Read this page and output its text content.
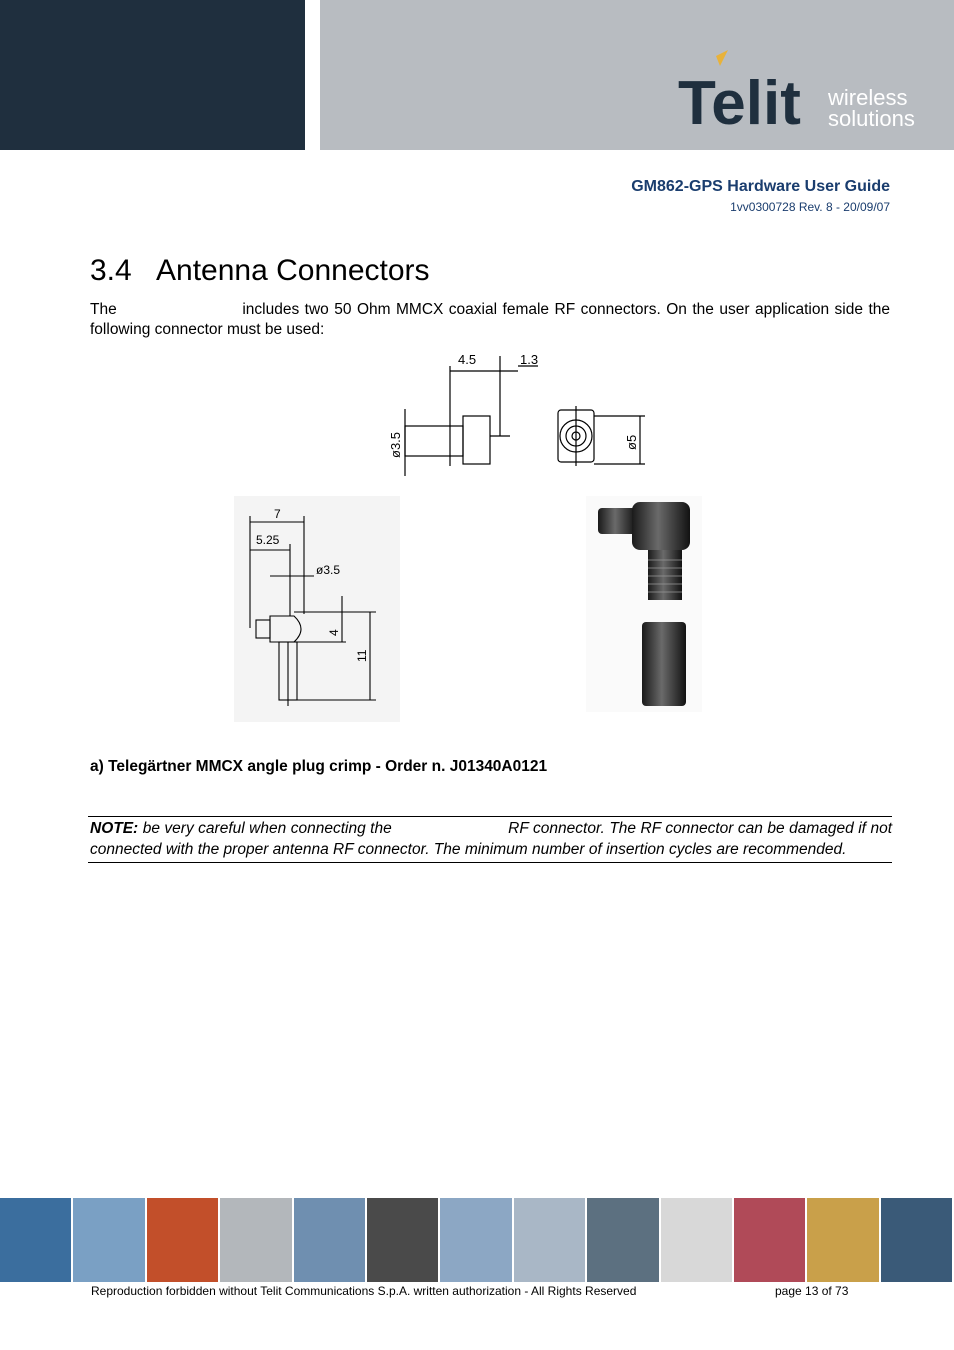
Telit wireless
solutions
GM862-GPS Hardware User Guide
1vv0300728 Rev. 8 - 20/09/07
3.4 Antenna Connectors
The                       includes two 50 Ohm MMCX coaxial female RF connectors. On the user application side the following connector must be used:
4.5	1.3
ø3.5	ø5
7
5.25
ø3.5
4
11
a) Telegärtner MMCX angle plug crimp - Order n. J01340A0121
NOTE: be very careful when connecting the                          RF connector. The RF connector can be damaged if not connected with the proper antenna RF connector. The minimum number of insertion cycles are recommended.
Reproduction forbidden without Telit Communications S.p.A. written authorization - All Rights Reserved	page 13 of 73
